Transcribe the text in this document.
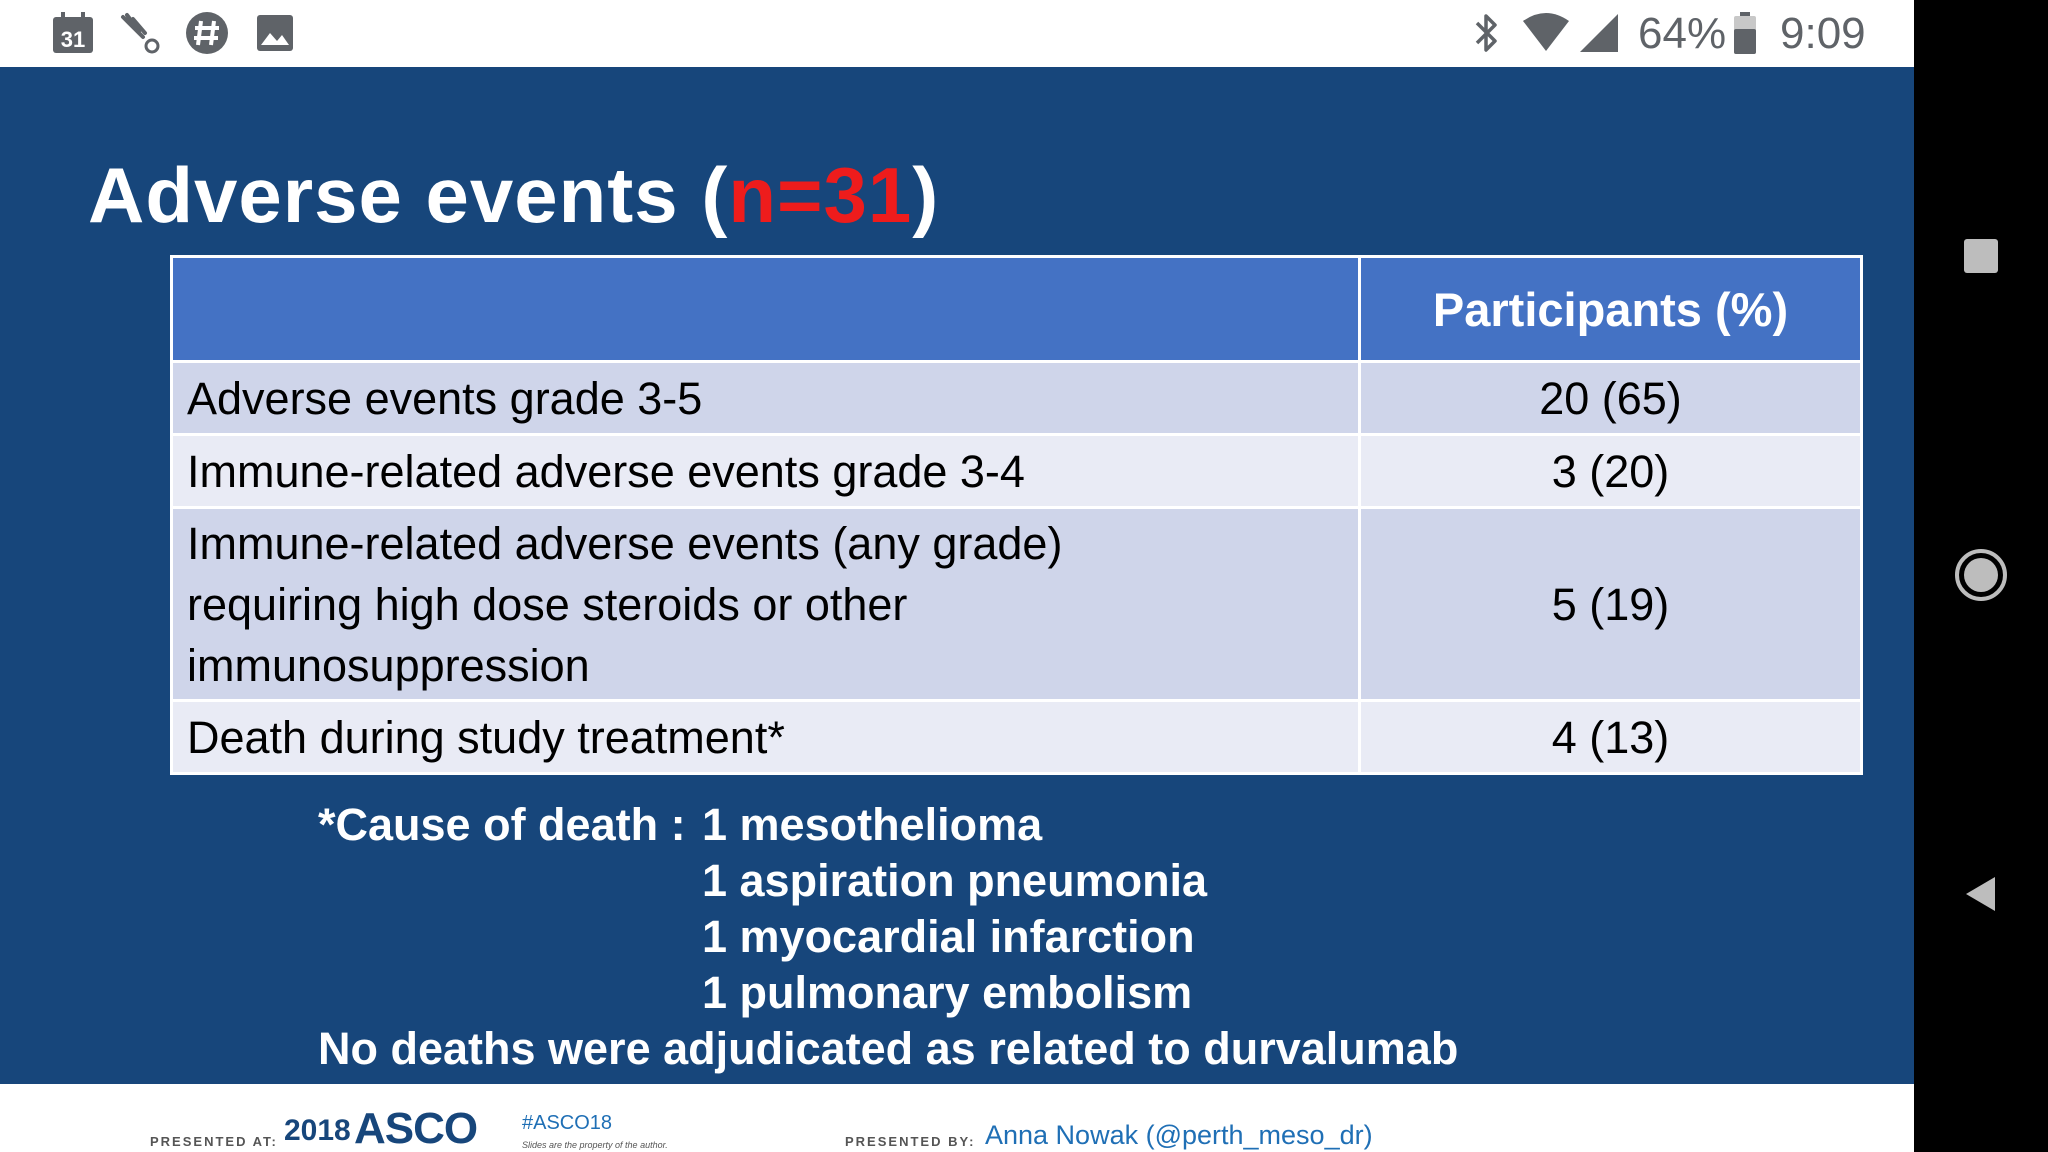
31	64% 9:09
Adverse events (n=31)
	Participants (%)
Adverse events grade 3-5	20 (65)
Immune-related adverse events grade 3-4	3 (20)

Immune-related adverse events (any grade)
requiring high dose steroids or other
immunosuppression	5 (19)
Death during study treatment*	4 (13)
*Cause of death : 1 mesothelioma
1 aspiration pneumonia
1 myocardial infarction
1 pulmonary embolism
No deaths were adjudicated as related to durvalumab
PRESENTED AT: 2018 ASCO #ASCO18
Slides are the property of the author.	PRESENTED BY: Anna Nowak (@perth_meso_dr)
